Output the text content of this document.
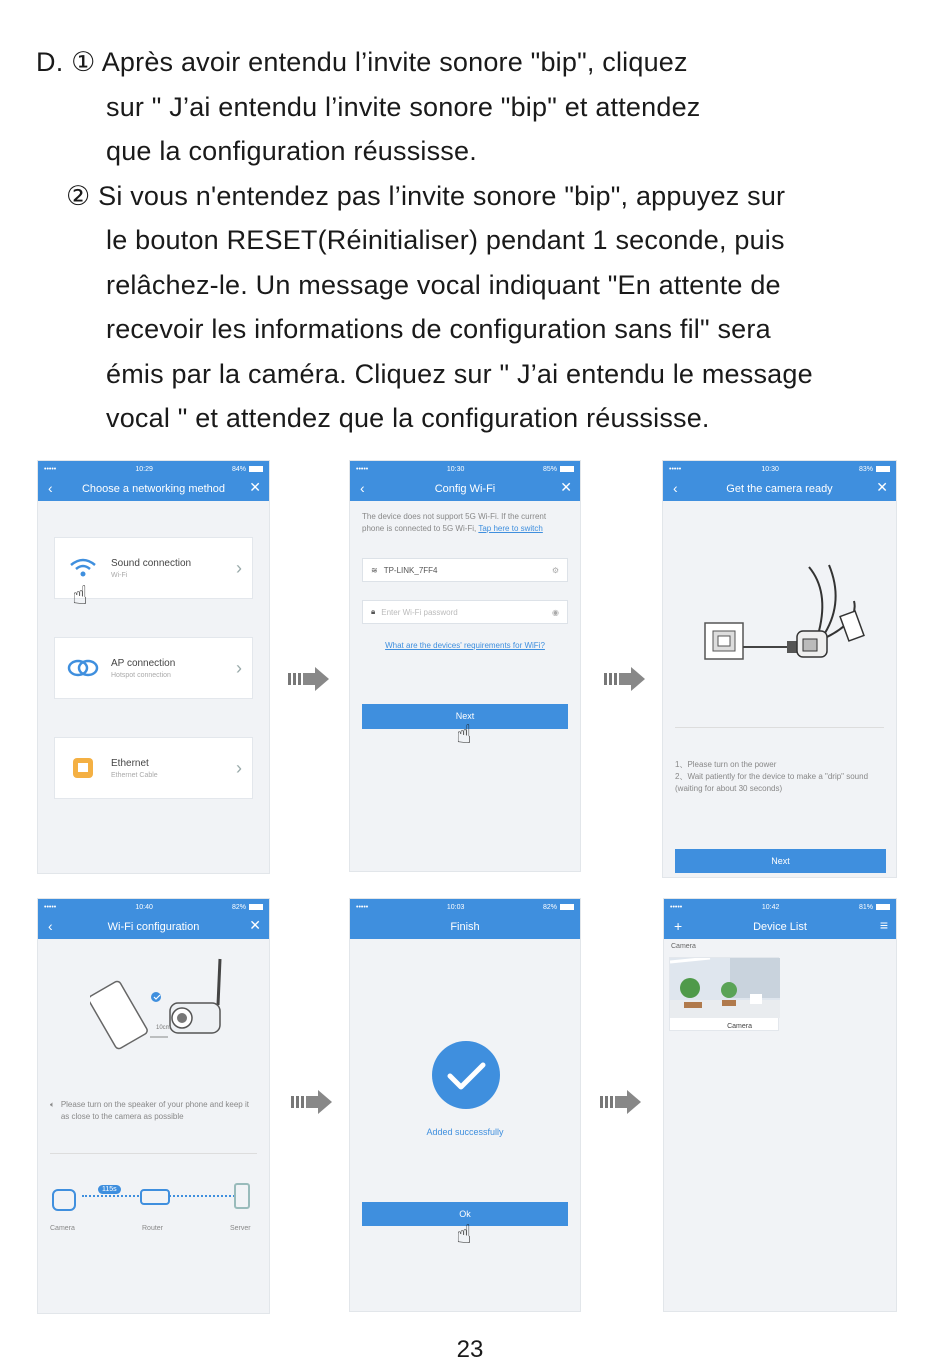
D. ① Après avoir entendu l’invite sonore "bip", cliquez
sur " J’ai entendu l’invite sonore "bip" et attendez
que la configuration réussisse.
② Si vous n'entendez pas l’invite sonore "bip", appuyez sur
le bouton RESET(Réinitialiser) pendant 1 seconde, puis
relâchez-le. Un message vocal indiquant "En attente de
recevoir les informations de configuration sans fil" sera
émis par la caméra. Cliquez sur " J’ai entendu le message
vocal " et attendez que la configuration réussisse.
•••••	10:29	84%
‹	Choose a networking method ✕
Sound connection
Wi-Fi	›
☝
AP connection
Hotspot connection	›
Ethernet
Ethernet Cable	›
•••••	10:30	85%
‹	Config Wi-Fi	✕
The device does not support 5G Wi-Fi. If the current phone is connected to 5G Wi-Fi, Tap here to switch
≋ TP-LINK_7FF4	⚙
🔒︎ Enter Wi-Fi password	◉
What are the devices' requirements for WiFi?
Next
☝
•••••	10:30	83%
‹	Get the camera ready	✕
1、Please turn on the power
2、Wait patiently for the device to make a "drip" sound (waiting for about 30 seconds)
Next
•••••	10:40	82%
‹	Wi-Fi configuration	✕
10cm
🔈︎ Please turn on the speaker of your phone and keep it as close to the camera as possible
115s
Camera	Router	Server
•••••	10:03	82%
Finish
Added successfully
Ok
☝
•••••	10:42	81%
+	Device List	≡
Camera
Camera
23
